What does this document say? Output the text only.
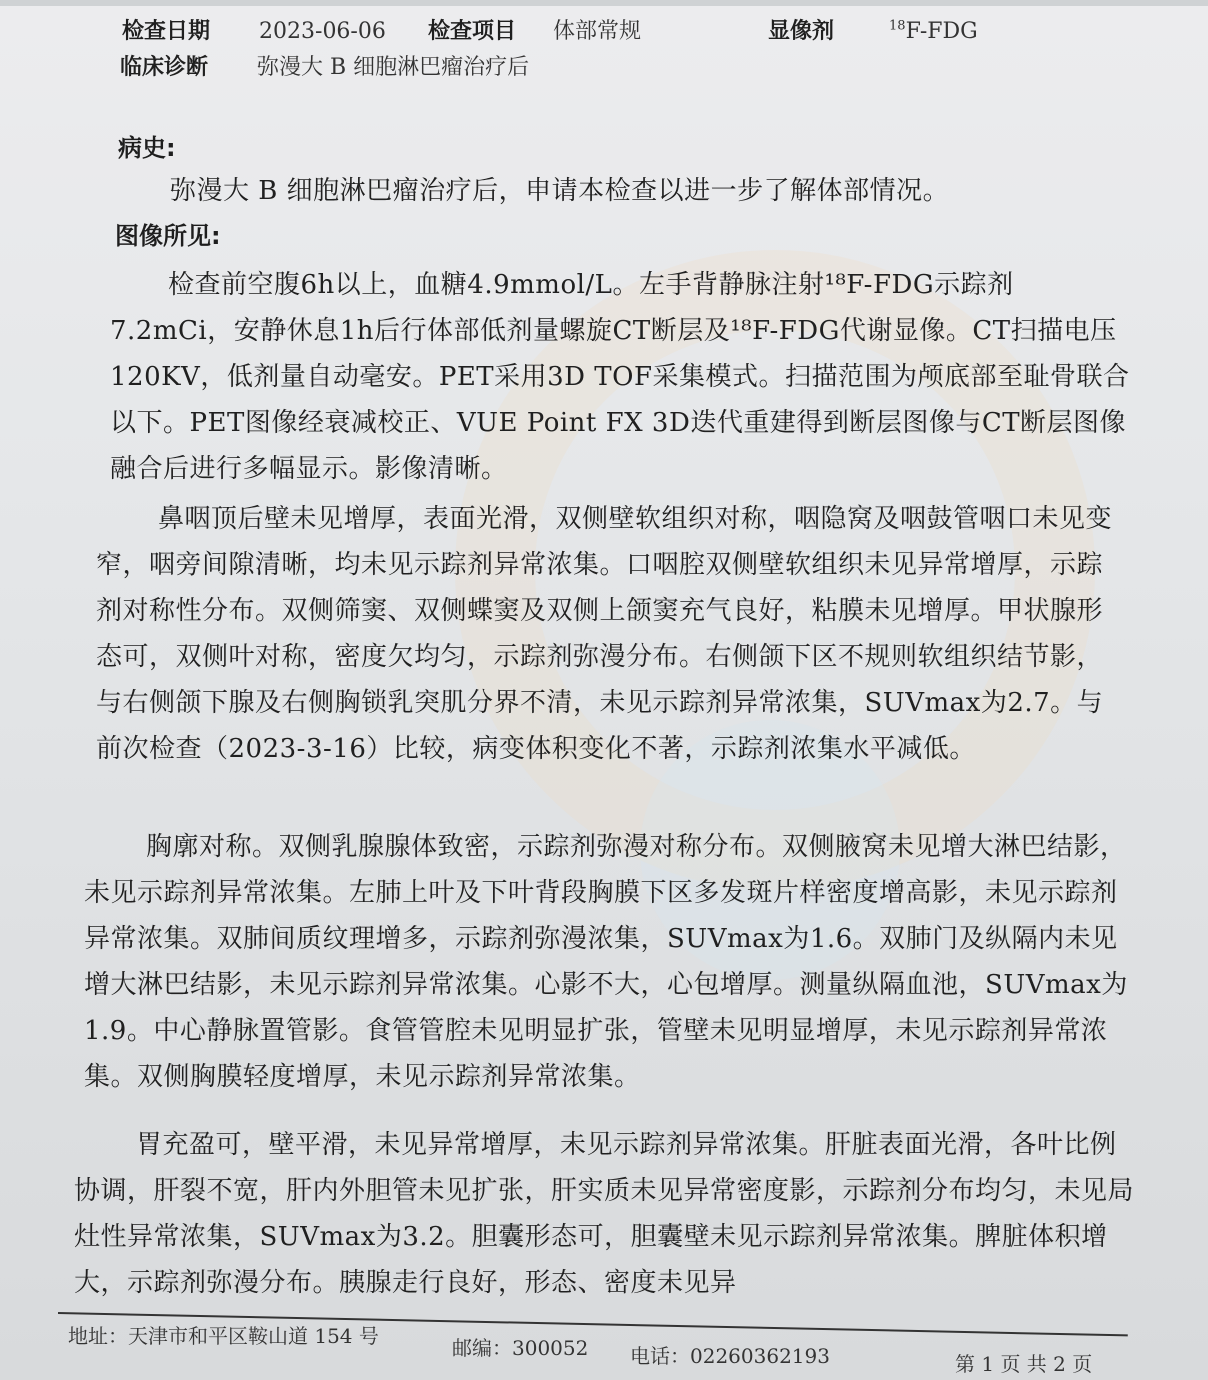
检查日期 2023-06-06 检查项目 体部常规	显像剂	$^{18}$F-FDG
临床诊断 弥漫大 B 细胞淋巴瘤治疗后
病史:
弥漫大 B 细胞淋巴瘤治疗后，申请本检查以进一步了解体部情况。
图像所见:
检查前空腹6h以上，血糖4.9mmol/L。左手背静脉注射¹⁸F-FDG示踪剂7.2mCi，安静休息1h后行体部低剂量螺旋CT断层及¹⁸F-FDG代谢显像。CT扫描电压120KV，低剂量自动毫安。PET采用3D TOF采集模式。扫描范围为颅底部至耻骨联合以下。PET图像经衰减校正、VUE Point FX 3D迭代重建得到断层图像与CT断层图像融合后进行多幅显示。影像清晰。
鼻咽顶后壁未见增厚，表面光滑，双侧壁软组织对称，咽隐窝及咽鼓管咽口未见变窄，咽旁间隙清晰，均未见示踪剂异常浓集。口咽腔双侧壁软组织未见异常增厚，示踪剂对称性分布。双侧筛窦、双侧蝶窦及双侧上颌窦充气良好，粘膜未见增厚。甲状腺形态可，双侧叶对称，密度欠均匀，示踪剂弥漫分布。右侧颌下区不规则软组织结节影，与右侧颌下腺及右侧胸锁乳突肌分界不清，未见示踪剂异常浓集，SUVmax为2.7。与前次检查（2023-3-16）比较，病变体积变化不著，示踪剂浓集水平减低。
胸廓对称。双侧乳腺腺体致密，示踪剂弥漫对称分布。双侧腋窝未见增大淋巴结影，未见示踪剂异常浓集。左肺上叶及下叶背段胸膜下区多发斑片样密度增高影，未见示踪剂异常浓集。双肺间质纹理增多，示踪剂弥漫浓集，SUVmax为1.6。双肺门及纵隔内未见增大淋巴结影，未见示踪剂异常浓集。心影不大，心包增厚。测量纵隔血池，SUVmax为1.9。中心静脉置管影。食管管腔未见明显扩张，管壁未见明显增厚，未见示踪剂异常浓集。双侧胸膜轻度增厚，未见示踪剂异常浓集。
胃充盈可，壁平滑，未见异常增厚，未见示踪剂异常浓集。肝脏表面光滑，各叶比例协调，肝裂不宽，肝内外胆管未见扩张，肝实质未见异常密度影，示踪剂分布均匀，未见局灶性异常浓集，SUVmax为3.2。胆囊形态可，胆囊壁未见示踪剂异常浓集。脾脏体积增大，示踪剂弥漫分布。胰腺走行良好，形态、密度未见异
地址：天津市和平区鞍山道 154 号	邮编：300052 电话：02260362193	第 1 页 共 2 页
